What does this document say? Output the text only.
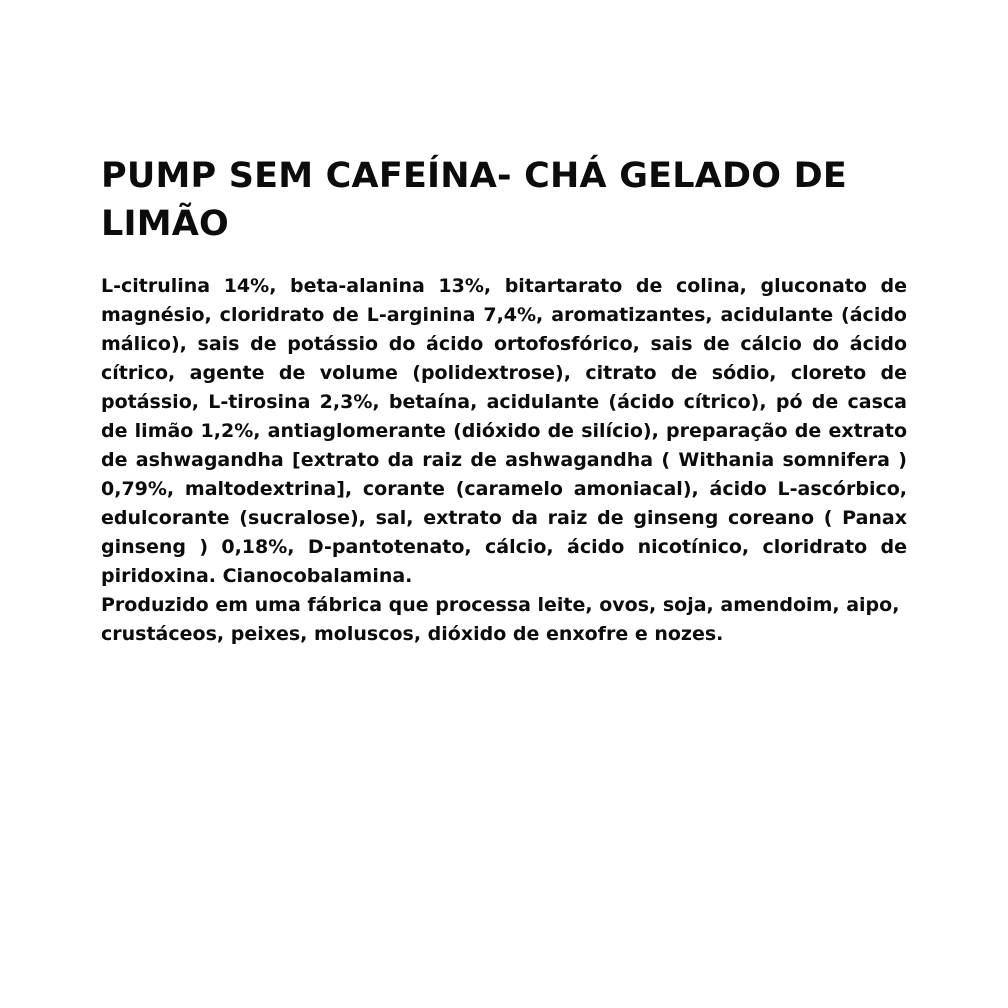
PUMP SEM CAFEÍNA- CHÁ GELADO DE LIMÃO

L-citrulina 14%, beta-alanina 13%, bitartarato de colina, gluconato de magnésio, cloridrato de L-arginina 7,4%, aromatizantes, acidulante (ácido málico), sais de potássio do ácido ortofosfórico, sais de cálcio do ácido cítrico, agente de volume (polidextrose), citrato de sódio, cloreto de potássio, L-tirosina 2,3%, betaína, acidulante (ácido cítrico), pó de casca de limão 1,2%, antiaglomerante (dióxido de silício), preparação de extrato de ashwagandha [extrato da raiz de ashwagandha ( Withania somnifera ) 0,79%, maltodextrina], corante (caramelo amoniacal), ácido L-ascórbico, edulcorante (sucralose), sal, extrato da raiz de ginseng coreano ( Panax ginseng ) 0,18%, D-pantotenato, cálcio, ácido nicotínico, cloridrato de piridoxina. Cianocobalamina.

Produzido em uma fábrica que processa leite, ovos, soja, amendoim, aipo, crustáceos, peixes, moluscos, dióxido de enxofre e nozes.
